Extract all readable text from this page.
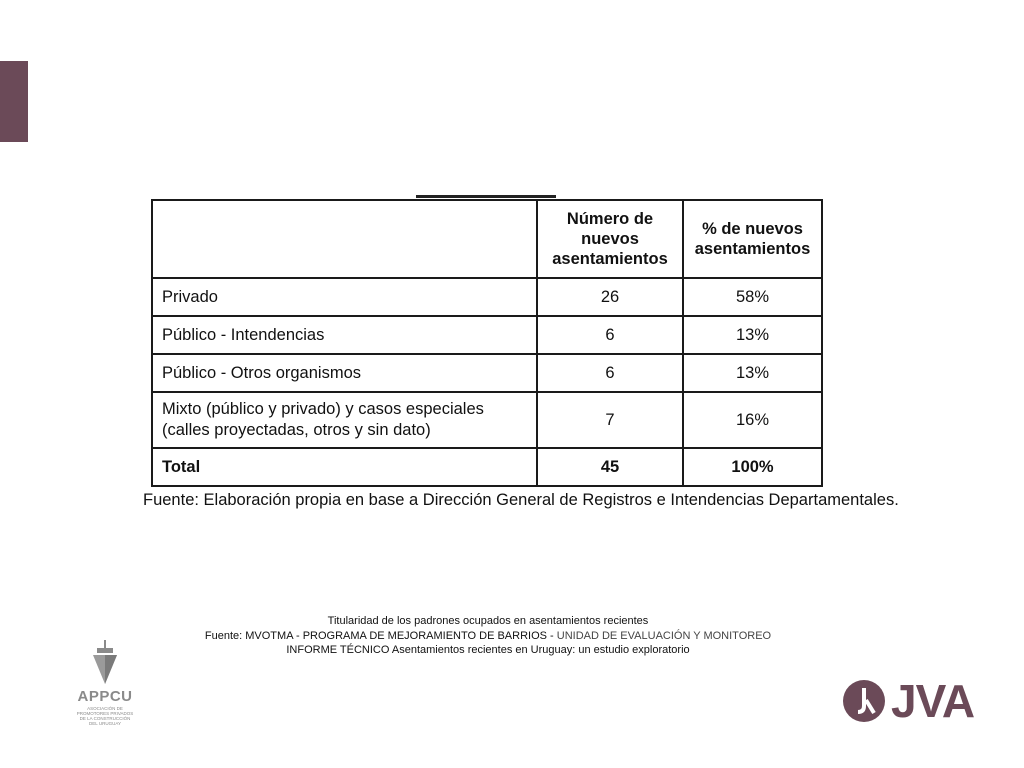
	Número de nuevos asentamientos	% de nuevos asentamientos
Privado	26	58%
Público - Intendencias	6	13%
Público - Otros organismos	6	13%

Mixto (público y privado) y casos especiales
(calles proyectadas, otros y sin dato)	7	16%
Total	45	100%
Fuente: Elaboración propia en base a Dirección General de Registros e Intendencias Departamentales.
Titularidad de los padrones ocupados en asentamientos recientes
Fuente: MVOTMA - PROGRAMA DE MEJORAMIENTO DE BARRIOS - UNIDAD DE EVALUACIÓN Y MONITOREO
INFORME TÉCNICO Asentamientos recientes en Uruguay: un estudio exploratorio
APPCU
ASOCIACIÓN DE PROMOTORES PRIVADOS DE LA CONSTRUCCIÓN DEL URUGUAY	JVA
